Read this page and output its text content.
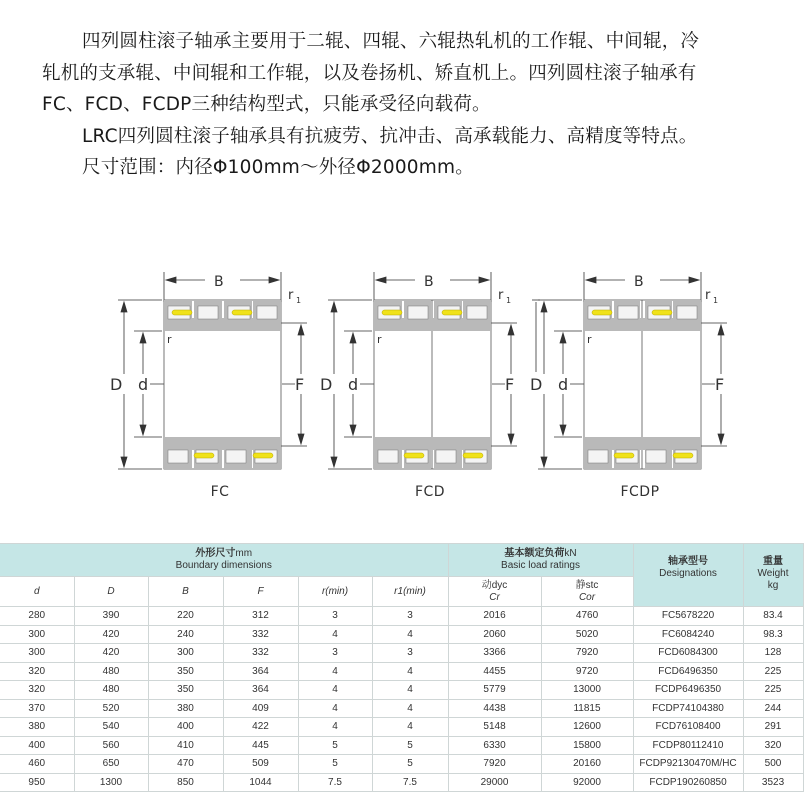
四列圆柱滚子轴承主要用于二辊、四辊、六辊热轧机的工作辊、中间辊，冷

轧机的支承辊、中间辊和工作辊，以及卷扬机、矫直机上。四列圆柱滚子轴承有

FC、FCD、FCDP三种结构型式，只能承受径向载荷。

LRC四列圆柱滚子轴承具有抗疲劳、抗冲击、高承载能力、高精度等特点。

尺寸范围：内径Φ100mm～外径Φ2000mm。

B
r 1
r
D d	F
FC
B
r 1
r
D d	F
FCD
B
r 1
r
D d	F
FCDP
外形尺寸mm
Boundary dimensions						基本额定负荷kN
Basic load ratings		轴承型号
Designations	重量
Weight
kg
d	D	B	F	r(min)	r1(min)	动dyc
Cr	静stc
Cor		
280	390	220	312	3	3	2016	4760	FC5678220	83.4
300	420	240	332	4	4	2060	5020	FC6084240	98.3
300	420	300	332	3	3	3366	7920	FCD6084300	128
320	480	350	364	4	4	4455	9720	FCD6496350	225
320	480	350	364	4	4	5779	13000	FCDP6496350	225
370	520	380	409	4	4	4438	11815	FCDP74104380	244
380	540	400	422	4	4	5148	12600	FCD76108400	291
400	560	410	445	5	5	6330	15800	FCDP80112410	320
460	650	470	509	5	5	7920	20160	FCDP92130470M/HC	500
950	1300	850	1044	7.5	7.5	29000	92000	FCDP190260850	3523
